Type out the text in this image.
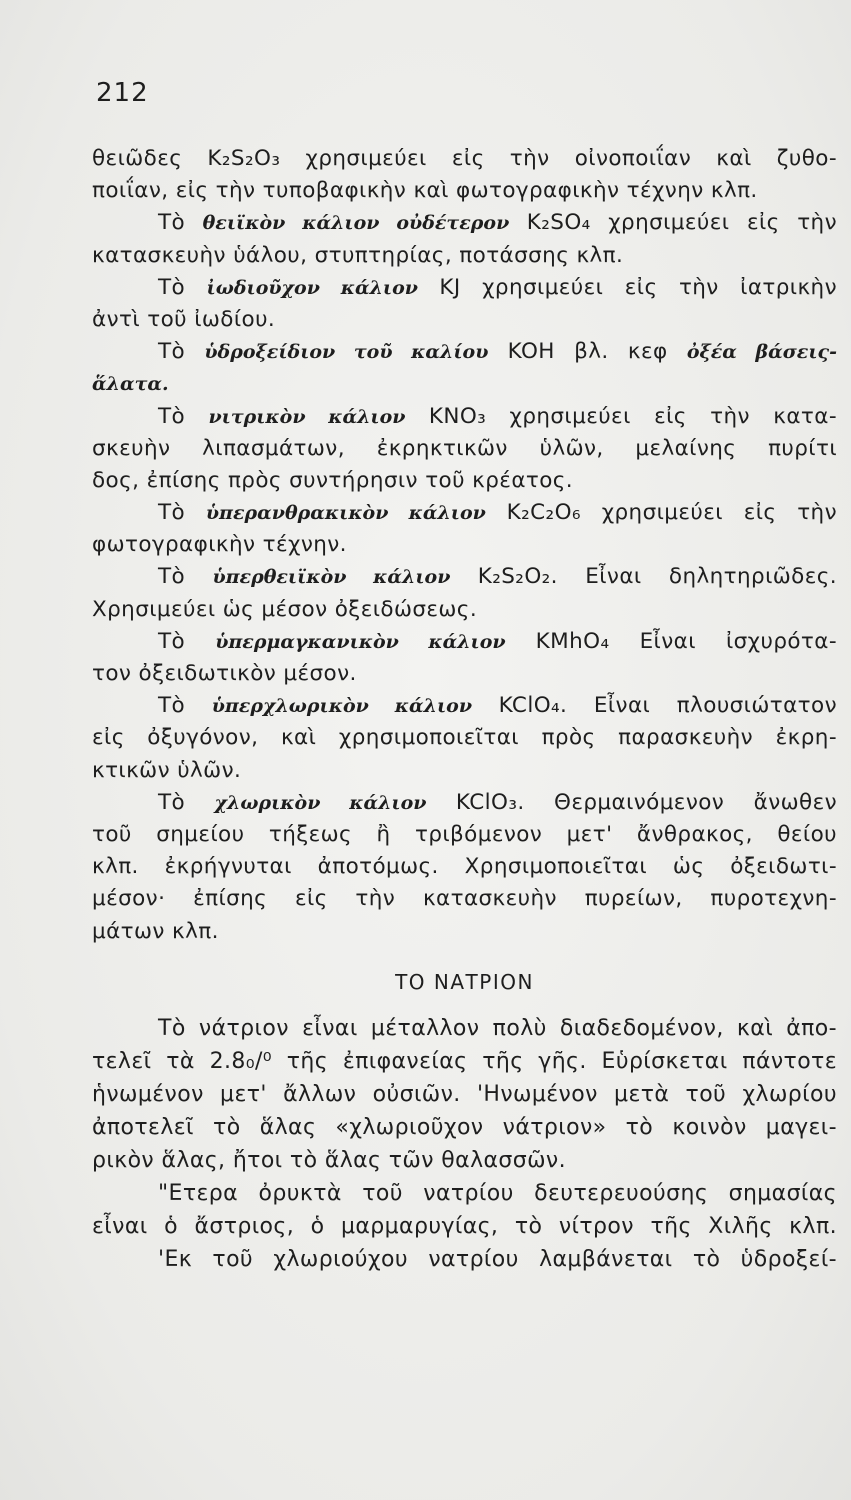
212
θειῶδες K₂S₂O₃ χρησιμεύει εἰς τὴν οἰνοποιΐαν καὶ ζυθο-
ποιΐαν, εἰς τὴν τυποβαφικὴν καὶ φωτογραφικὴν τέχνην κλπ.
Τὸ θειϊκὸν κάλιον οὐδέτερον K₂SO₄ χρησιμεύει εἰς τὴν
κατασκευὴν ὑάλου, στυπτηρίας, ποτάσσης κλπ.
Τὸ ἰωδιοῦχον κάλιον KJ χρησιμεύει εἰς τὴν ἰατρικὴν
ἀντὶ τοῦ ἰωδίου.
Τὸ ὑδροξείδιον τοῦ καλίου KOH βλ. κεφ ὀξέα βάσεις-
ἅλατα.
Τὸ νιτρικὸν κάλιον KNO₃ χρησιμεύει εἰς τὴν κατα-
σκευὴν λιπασμάτων, ἐκρηκτικῶν ὑλῶν, μελαίνης πυρίτι
δος, ἐπίσης πρὸς συντήρησιν τοῦ κρέατος.
Τὸ ὑπερανθρακικὸν κάλιον K₂C₂O₆ χρησιμεύει εἰς τὴν
φωτογραφικὴν τέχνην.
Τὸ ὑπερθειϊκὸν κάλιον K₂S₂O₂. Εἶναι δηλητηριῶδες.
Χρησιμεύει ὡς μέσον ὀξειδώσεως.
Τὸ ὑπερμαγκανικὸν κάλιον KMhO₄ Εἶναι ἰσχυρότα-
τον ὀξειδωτικὸν μέσον.
Τὸ ὑπερχλωρικὸν κάλιον KClO₄. Εἶναι πλουσιώτατον
εἰς ὀξυγόνον, καὶ χρησιμοποιεῖται πρὸς παρασκευὴν ἐκρη-
κτικῶν ὑλῶν.
Τὸ χλωρικὸν κάλιον KClO₃. Θερμαινόμενον ἄνωθεν
τοῦ σημείου τήξεως ἢ τριβόμενον μετ' ἄνθρακος, θείου
κλπ. ἐκρήγνυται ἀποτόμως. Χρησιμοποιεῖται ὡς ὀξειδωτι-
μέσον· ἐπίσης εἰς τὴν κατασκευὴν πυρείων, πυροτεχνη-
μάτων κλπ.
ΤΟ ΝΑΤΡΙΟΝ
Τὸ νάτριον εἶναι μέταλλον πολὺ διαδεδομένον, καὶ ἀπο-
τελεῖ τὰ 2.8₀/⁰ τῆς ἐπιφανείας τῆς γῆς. Εὑρίσκεται πάντοτε
ἡνωμένον μετ' ἄλλων οὐσιῶν. 'Ηνωμένον μετὰ τοῦ χλωρίου
ἀποτελεῖ τὸ ἅλας «χλωριοῦχον νάτριον» τὸ κοινὸν μαγει-
ρικὸν ἅλας, ἤτοι τὸ ἅλας τῶν θαλασσῶν.
"Ετερα ὀρυκτὰ τοῦ νατρίου δευτερευούσης σημασίας
εἶναι ὁ ἄστριος, ὁ μαρμαρυγίας, τὸ νίτρον τῆς Χιλῆς κλπ.
'Εκ τοῦ χλωριούχου νατρίου λαμβάνεται τὸ ὑδροξεί-
